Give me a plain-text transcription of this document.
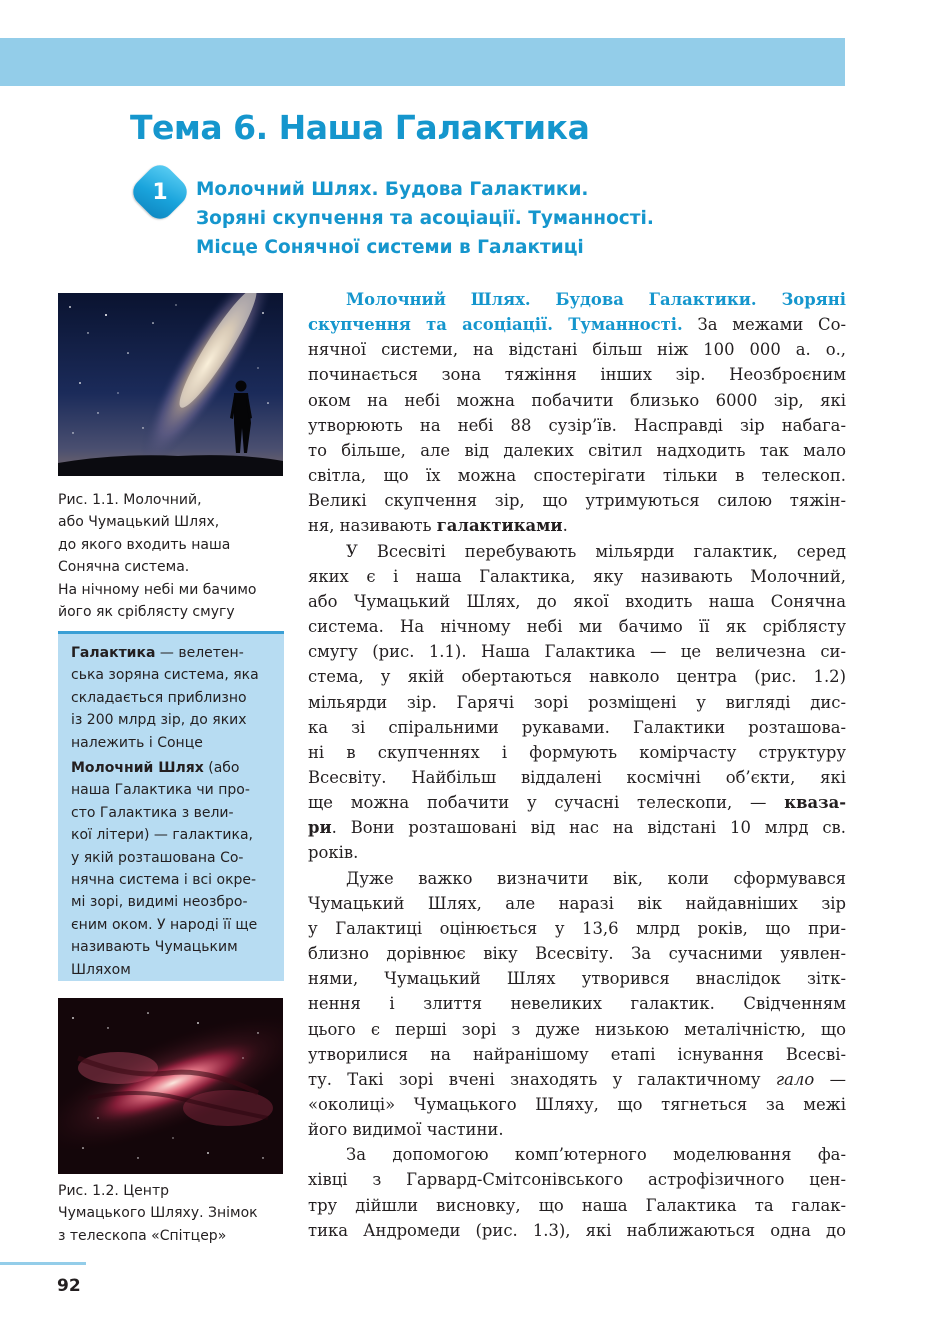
Тема 6. Наша Галактика
1	Молочний Шлях. Будова Галактики.
Зоряні скупчення та асоціації. Туманності.
Місце Сонячної системи в Галактиці
Рис. 1.1. Молочний,
або Чумацький Шлях,
до якого входить наша
Сонячна система.
На нічному небі ми бачимо
його як сріблясту смугу
Галактика — велетен-
ська зоряна система, яка
складається приблизно
із 200 млрд зір, до яких
належить і Сонце
Молочний Шлях (або
наша Галактика чи про-
сто Галактика з вели-
кої літери) — галактика,
у якій розташована Со-
нячна система і всі окре-
мі зорі, видимі неозбро-
єним оком. У народі її ще
називають Чумацьким
Шляхом
Рис. 1.2. Центр
Чумацького Шляху. Знімок
з телескопа «Спітцер»
Молочний Шлях. Будова Галактики. Зоряні
скупчення та асоціації. Туманності. За межами Со-
нячної системи, на відстані більш ніж 100 000 а. о.,
починається зона тяжіння інших зір. Неозброєним
оком на небі можна побачити близько 6000 зір, які
утворюють на небі 88 сузір’їв. Насправді зір набага-
то більше, але від далеких світил надходить так мало
світла, що їх можна спостерігати тільки в телескоп.
Великі скупчення зір, що утримуються силою тяжін-
ня, називають галактиками.
У Всесвіті перебувають мільярди галактик, серед
яких є і наша Галактика, яку називають Молочний,
або Чумацький Шлях, до якої входить наша Сонячна
система. На нічному небі ми бачимо її як сріблясту
смугу (рис. 1.1). Наша Галактика — це величезна си-
стема, у якій обертаються навколо центра (рис. 1.2)
мільярди зір. Гарячі зорі розміщені у вигляді дис-
ка зі спіральними рукавами. Галактики розташова-
ні в скупченнях і формують комірчасту структуру
Всесвіту. Найбільш віддалені космічні об’єкти, які
ще можна побачити у сучасні телескопи, — кваза-
ри. Вони розташовані від нас на відстані 10 млрд св.
років.
Дуже важко визначити вік, коли сформувався
Чумацький Шлях, але наразі вік найдавніших зір
у Галактиці оцінюється у 13,6 млрд років, що при-
близно дорівнює віку Всесвіту. За сучасними уявлен-
нями, Чумацький Шлях утворився внаслідок зітк-
нення і злиття невеликих галактик. Свідченням
цього є перші зорі з дуже низькою металічністю, що
утворилися на найранішому етапі існування Всесві-
ту. Такі зорі вчені знаходять у галактичному гало —
«околиці» Чумацького Шляху, що тягнеться за межі
його видимої частини.
За допомогою комп’ютерного моделювання фа-
хівці з Гарвард-Смітсонівського астрофізичного цен-
тру дійшли висновку, що наша Галактика та галак-
тика Андромеди (рис. 1.3), які наближаються одна до
92
